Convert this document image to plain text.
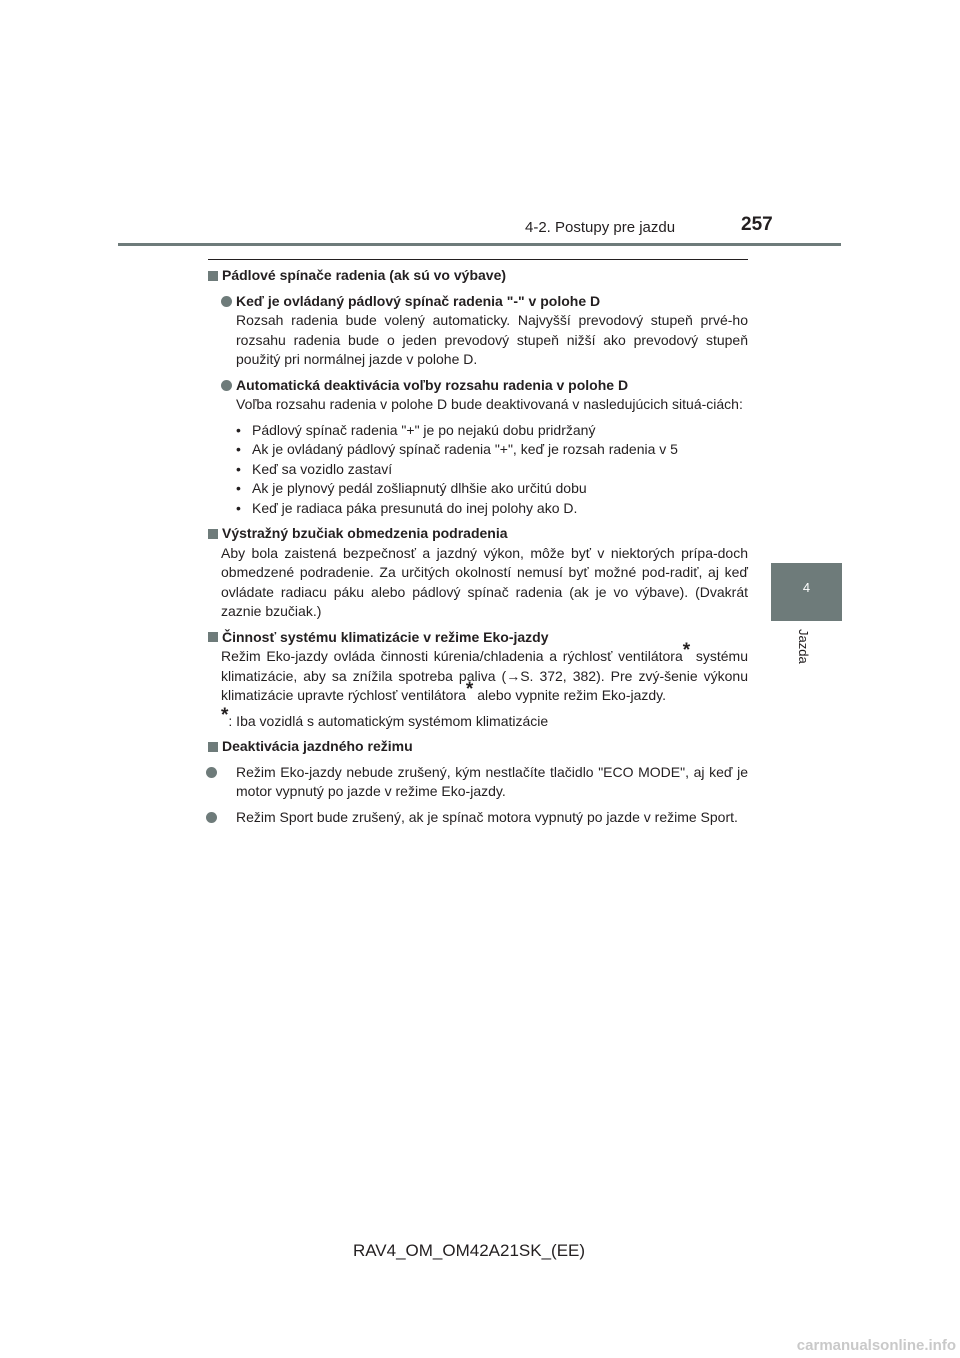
4-2. Postupy pre jazdu	257
4
Jazda
Pádlové spínače radenia (ak sú vo výbave)
Keď je ovládaný pádlový spínač radenia "-" v polohe D
Rozsah radenia bude volený automaticky. Najvyšší prevodový stupeň prvé-ho rozsahu radenia bude o jeden prevodový stupeň nižší ako prevodový stupeň použitý pri normálnej jazde v polohe D.
Automatická deaktivácia voľby rozsahu radenia v polohe D
Voľba rozsahu radenia v polohe D bude deaktivovaná v nasledujúcich situá-ciách:
• Pádlový spínač radenia "+" je po nejakú dobu pridržaný
• Ak je ovládaný pádlový spínač radenia "+", keď je rozsah radenia v 5
• Keď sa vozidlo zastaví
• Ak je plynový pedál zošliapnutý dlhšie ako určitú dobu
• Keď je radiaca páka presunutá do inej polohy ako D.
Výstražný bzučiak obmedzenia podradenia
Aby bola zaistená bezpečnosť a jazdný výkon, môže byť v niektorých prípa-doch obmedzené podradenie. Za určitých okolností nemusí byť možné pod-radiť, aj keď ovládate radiacu páku alebo pádlový spínač radenia (ak je vo výbave). (Dvakrát zaznie bzučiak.)
Činnosť systému klimatizácie v režime Eko-jazdy
Režim Eko-jazdy ovláda činnosti kúrenia/chladenia a rýchlosť ventilátora* systému klimatizácie, aby sa znížila spotreba paliva (→S. 372, 382). Pre zvý-šenie výkonu klimatizácie upravte rýchlosť ventilátora* alebo vypnite režim Eko-jazdy.
*: Iba vozidlá s automatickým systémom klimatizácie
Deaktivácia jazdného režimu
Režim Eko-jazdy nebude zrušený, kým nestlačíte tlačidlo "ECO MODE", aj keď je motor vypnutý po jazde v režime Eko-jazdy.
Režim Sport bude zrušený, ak je spínač motora vypnutý po jazde v režime Sport.
RAV4_OM_OM42A21SK_(EE)
carmanualsonline.info
